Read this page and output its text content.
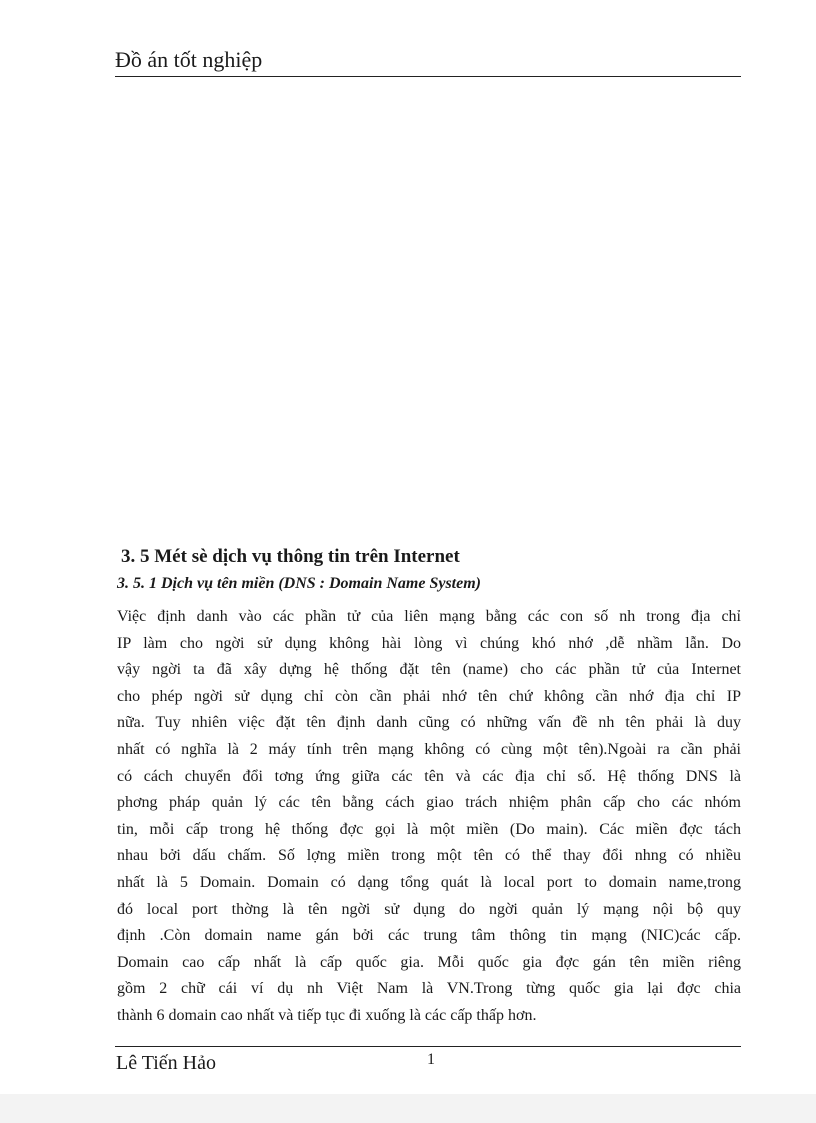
Đồ án tốt nghiệp
3. 5 Mét sè dịch vụ thông tin trên Internet
3. 5. 1 Dịch vụ tên miền (DNS : Domain Name System)
Việc định danh vào các phần tử của liên mạng bằng các con số nh trong địa chỉ
IP làm cho ngời sử dụng không hài lòng vì chúng khó nhớ ,dễ nhầm lẫn. Do
vậy ngời ta đã xây dựng hệ thống đặt tên (name) cho các phần tử của Internet
cho phép ngời sử dụng chỉ còn cần phải nhớ tên chứ không cần nhớ địa chỉ IP
nữa. Tuy nhiên việc đặt tên định danh cũng có những vấn đề nh tên phải là duy
nhất có nghĩa là 2 máy tính trên mạng không có cùng một tên).Ngoài ra cần phải
có cách chuyển đổi tơng ứng giữa các tên và các địa chỉ số. Hệ thống DNS là
phơng pháp quản lý các tên bằng cách giao trách nhiệm phân cấp cho các nhóm
tin, mỗi cấp trong hệ thống đợc gọi là một miền (Do main). Các miền đợc tách
nhau bởi dấu chấm. Số lợng miền trong một tên có thể thay đổi nhng có nhiều
nhất là 5 Domain. Domain có dạng tổng quát là local port to domain name,trong
đó local port thờng là tên ngời sử dụng do ngời quản lý mạng nội bộ quy
định .Còn domain name gán bởi các trung tâm thông tin mạng (NIC)các cấp.
Domain cao cấp nhất là cấp quốc gia. Mỗi quốc gia đợc gán tên miền riêng
gồm 2 chữ cái ví dụ nh Việt Nam là VN.Trong từng quốc gia lại đợc chia
thành 6 domain cao nhất và tiếp tục đi xuống là các cấp thấp hơn.
Lê Tiến Hảo	1
